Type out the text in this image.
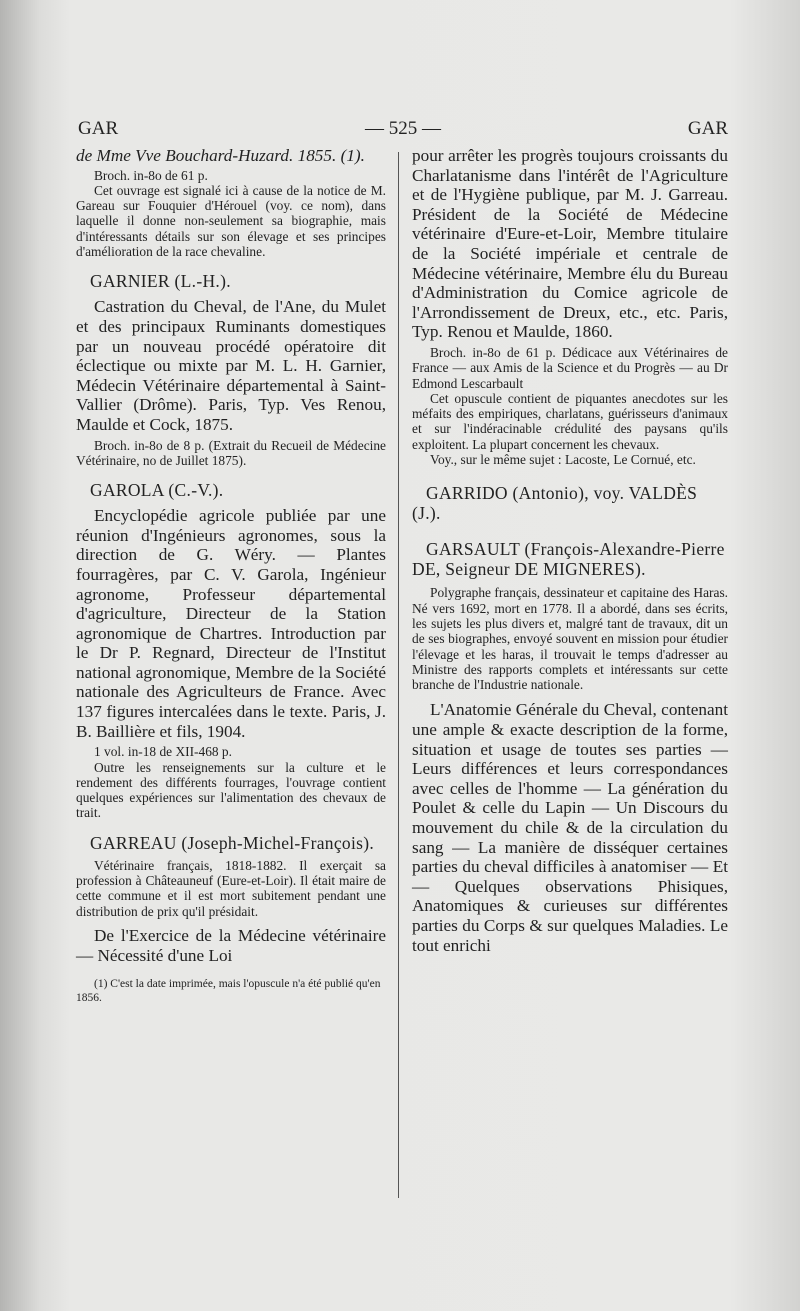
GAR	— 525 —	GAR

de Mme Vve Bouchard-Huzard. 1855. (1).

Broch. in-8o de 61 p.

Cet ouvrage est signalé ici à cause de la notice de M. Gareau sur Fouquier d'Hérouel (voy. ce nom), dans laquelle il donne non-seulement sa biographie, mais d'intéressants détails sur son élevage et ses principes d'amélioration de la race chevaline.

GARNIER (L.-H.).

Castration du Cheval, de l'Ane, du Mulet et des principaux Ruminants domestiques par un nouveau procédé opératoire dit éclectique ou mixte par M. L. H. Garnier, Médecin Vétérinaire départemental à Saint-Vallier (Drôme). Paris, Typ. Ves Renou, Maulde et Cock, 1875.

Broch. in-8o de 8 p. (Extrait du Recueil de Médecine Vétérinaire, no de Juillet 1875).

GAROLA (C.-V.).

Encyclopédie agricole publiée par une réunion d'Ingénieurs agronomes, sous la direction de G. Wéry. — Plantes fourragères, par C. V. Garola, Ingénieur agronome, Professeur départemental d'agriculture, Directeur de la Station agronomique de Chartres. Introduction par le Dr P. Regnard, Directeur de l'Institut national agronomique, Membre de la Société nationale des Agriculteurs de France. Avec 137 figures intercalées dans le texte. Paris, J. B. Baillière et fils, 1904.

1 vol. in-18 de XII-468 p.

Outre les renseignements sur la culture et le rendement des différents fourrages, l'ouvrage contient quelques expériences sur l'alimentation des chevaux de trait.

GARREAU (Joseph-Michel-François).

Vétérinaire français, 1818-1882. Il exerçait sa profession à Châteauneuf (Eure-et-Loir). Il était maire de cette commune et il est mort subitement pendant une distribution de prix qu'il présidait.

De l'Exercice de la Médecine vétérinaire — Nécessité d'une Loi

(1) C'est la date imprimée, mais l'opuscule n'a été publié qu'en 1856.

pour arrêter les progrès toujours croissants du Charlatanisme dans l'intérêt de l'Agriculture et de l'Hygiène publique, par M. J. Garreau. Président de la Société de Médecine vétérinaire d'Eure-et-Loir, Membre titulaire de la Société impériale et centrale de Médecine vétérinaire, Membre élu du Bureau d'Administration du Comice agricole de l'Arrondissement de Dreux, etc., etc. Paris, Typ. Renou et Maulde, 1860.

Broch. in-8o de 61 p. Dédicace aux Vétérinaires de France — aux Amis de la Science et du Progrès — au Dr Edmond Lescarbault

Cet opuscule contient de piquantes anecdotes sur les méfaits des empiriques, charlatans, guérisseurs d'animaux et sur l'indéracinable crédulité des paysans qu'ils exploitent. La plupart concernent les chevaux.

Voy., sur le même sujet : Lacoste, Le Cornué, etc.

GARRIDO (Antonio), voy. VALDÈS (J.).

GARSAULT (François-Alexandre-Pierre DE, Seigneur DE MIGNERES).

Polygraphe français, dessinateur et capitaine des Haras. Né vers 1692, mort en 1778. Il a abordé, dans ses écrits, les sujets les plus divers et, malgré tant de travaux, dit un de ses biographes, envoyé souvent en mission pour étudier l'élevage et les haras, il trouvait le temps d'adresser au Ministre des rapports complets et intéressants sur cette branche de l'Industrie nationale.

L'Anatomie Générale du Cheval, contenant une ample & exacte description de la forme, situation et usage de toutes ses parties — Leurs différences et leurs correspondances avec celles de l'homme — La génération du Poulet & celle du Lapin — Un Discours du mouvement du chile & de la circulation du sang — La manière de disséquer certaines parties du cheval difficiles à anatomiser — Et — Quelques observations Phisiques, Anatomiques & curieuses sur différentes parties du Corps & sur quelques Maladies. Le tout enrichi
